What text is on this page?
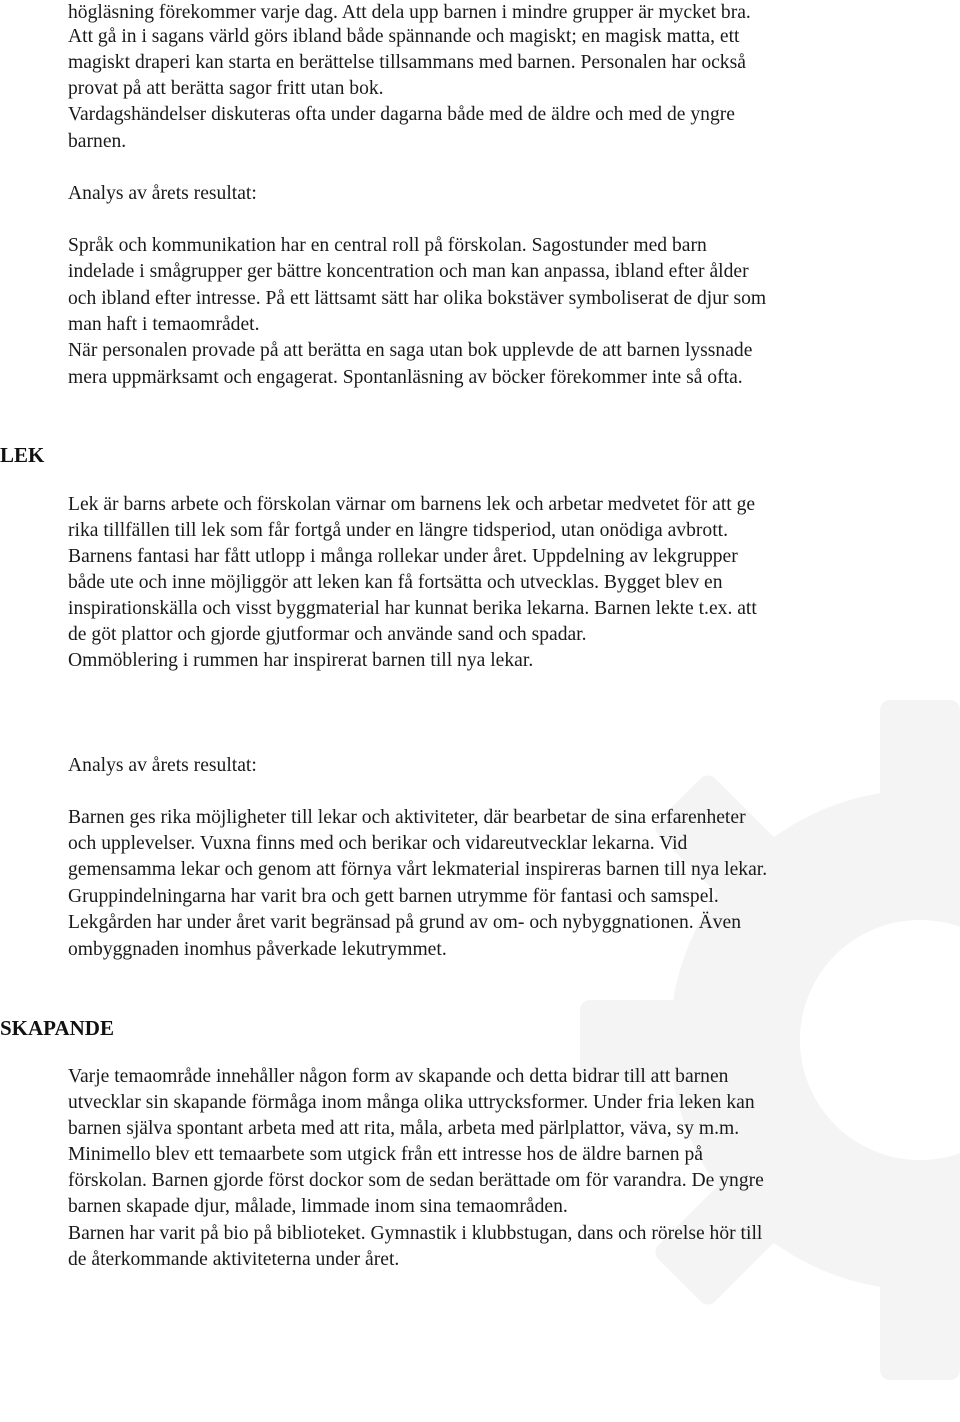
högläsning förekommer varje dag. Att dela upp barnen i mindre grupper är mycket bra.

Att gå in i sagans värld görs ibland både spännande och magiskt; en magisk matta, ett

magiskt draperi kan starta en berättelse tillsammans med barnen. Personalen har också

provat på att berätta sagor fritt utan bok.

Vardagshändelser diskuteras ofta under dagarna både med de äldre och med de yngre

barnen.

Analys av årets resultat:

Språk och kommunikation har en central roll på förskolan. Sagostunder med barn

indelade i smågrupper ger bättre koncentration och man kan anpassa, ibland efter ålder

och ibland efter intresse. På ett lättsamt sätt har olika bokstäver symboliserat de djur som

man haft i temaområdet.

När personalen provade på att berätta en saga utan bok upplevde de att barnen lyssnade

mera uppmärksamt och engagerat. Spontanläsning av böcker förekommer inte så ofta.

LEK

Lek är barns arbete och förskolan värnar om barnens lek och arbetar medvetet för att ge

rika tillfällen till lek som får fortgå under en längre tidsperiod, utan onödiga avbrott.

Barnens fantasi har fått utlopp i många rollekar under året. Uppdelning av lekgrupper

både ute och inne möjliggör att leken kan få fortsätta och utvecklas. Bygget blev en

inspirationskälla och visst byggmaterial har kunnat berika lekarna. Barnen lekte t.ex. att

de göt plattor och gjorde gjutformar och använde sand och spadar.

Ommöblering i rummen har inspirerat barnen till nya lekar.

Analys av årets resultat:

Barnen ges rika möjligheter till lekar och aktiviteter, där bearbetar de sina erfarenheter

och upplevelser. Vuxna finns med och berikar och vidareutvecklar lekarna. Vid

gemensamma lekar och genom att förnya vårt lekmaterial inspireras barnen till nya lekar.

Gruppindelningarna har varit bra och gett barnen utrymme för fantasi och samspel.

Lekgården har under året varit begränsad på grund av om- och nybyggnationen. Även

ombyggnaden inomhus påverkade lekutrymmet.

SKAPANDE

Varje temaområde innehåller någon form av skapande och detta bidrar till att barnen

utvecklar sin skapande förmåga inom många olika uttrycksformer. Under fria leken kan

barnen själva spontant arbeta med att rita, måla, arbeta med pärlplattor, väva, sy m.m.

Minimello blev ett temaarbete som utgick från ett intresse hos de äldre barnen på

förskolan. Barnen gjorde först dockor som de sedan berättade om för varandra. De yngre

barnen skapade djur, målade, limmade inom sina temaområden.

Barnen har varit på bio på biblioteket. Gymnastik i klubbstugan, dans och rörelse hör till

de återkommande aktiviteterna under året.
